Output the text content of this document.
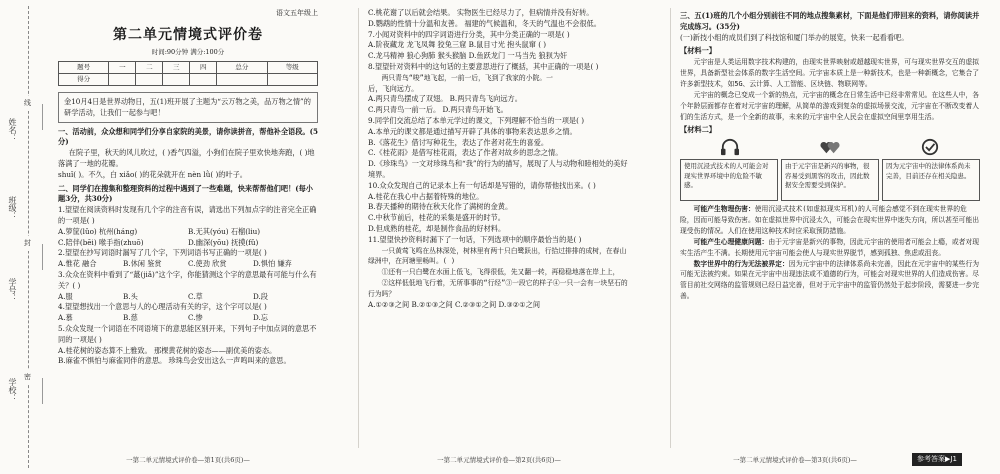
姓名：
班级：
学号：
学校：
线
封
密
语文五年级上
第二单元情境式评价卷
时间:90分钟 满分:100分
题号	一	二	三	四	总分	等级
得分						
金10月4日是世界动物日，五(1)班开展了主题为“云万物之美，品万物之情”的研学活动，让我们一起参与吧！
一、活动前，众众想和同学们分享自家院的美景，请你读拼音，帮他补全语段。(5分)

在院子里，秋天的风儿吹过，( )香气四溢，小狗们在院子里欢快地奔跑，( )地落满了一地的花瓣。

shuǐ( )。不久，白 xiǎo( )的花朵就开在 nèn lǜ( )的叶子。

二、同学们在搜集和整理资料的过程中遇到了一些难题，快来帮帮他们吧！(每小题3分，共30分)

1.望望在阅读资料时发现有几个字的注音有误，请选出下列加点字的注音完全正确的一项是( )

A.箩筐(lǔo) 杭州(háng)	B.无其(yóu) 石榴(liu)
C.陪伴(bēi) 喉手指(zhuō)	D.幽深(yōu) 抚摸(fǔ)

2.望望在抄写词语时漏写了几个字，下列词语书写正确的一项是( )

A.惟花 融合	B.休闲 鉴赏	C.使劲 欣赏	D.惧怕 嫌弃

3.众众在资料中看到了“蕞(jiǎ)”这个字，你能猜测这个字的意思最有可能与什么有关？( )

A.服	B.头	C.草	D.段

4.望望想找出一个意思与人的心理活动有关的字，这个字可以是( )

A.慕	B.慈	C.惨	D.忘

5.众众发现一个词语在不同语境下的意思能区别开来，下列句子中加点词的意思不同的一项是( )

A.桂花树的姿态算不上雅致。 那棵黄花树的姿态——副优美的姿态。

B.麻雀不惧怕与麻雀同伴的意思。 珍珠鸟会安出这么一声鸣叫来的意思。

一第二单元情境式评价卷—第1页(共6页)—

C.桃花谢了以后就会结果。 实物医生已经尽力了，但病情并没有好转。

D.鹦鹉的性情十分温和友善。 福建的气候温和，冬天的气温也不会很低。

7.小闻对资料中的四字词语进行分类，其中分类正确的一项是( )

A.阶夜藏龙 龙飞凤舞 狡兔三窟 B.鼠目寸光 抱头鼠窜 ( )

C.龙马精神 狼心狗肺 猴头猴脑 D.鱼跃龙门 一马当先 狼狈为奸

8.望望针对资料中的这句话的主要意思进行了概括，其中正确的一项是( )

两只青鸟“唆”地飞起，一前一后，飞到了我家的小院。一

后，飞向远方。

A.两只青鸟摆成了双翅。 B.两只青鸟飞向远方。

C.两只青鸟一前一后。 D.两只青鸟开始飞。

9.同学们交流总结了本单元学过的课文，下列理解不恰当的一项是( )

A.本单元的课文都是通过描写开辟了具体的事物来表达思乡之情。

B.《落花生》借讨写种花生，表达了作者对花生的喜爱。

C.《桂花雨》是借写桂花雨，表达了作者对故乡的思念之情。

D.《珍珠鸟》一文对珍珠鸟和“我”的行为的描写，展现了人与动物和睦相处的美好境界。

10.众众发现自己的记录本上有一句话却是写错的，请你帮他找出来。( )

A.桂花在我心中占据着特殊的地位。

B.春天播种的期待在秋天化作了满树的金黄。

C.中秋节前后，桂花的采集是盛开的时节。

D.但成熟的桂花，却是制作食品的好材料。

11.望望快抄资料时漏下了一句话，下列选项中的顺序最恰当的是( )

一只黄莺飞鸣在丛林深处，树林里有两十只白鹭跃出，行拾过排排的成树，在春山绿洲中，在河塘里畅叫。( )

①还有一只白鹭在水面上低飞，飞得很低，先又翻一转，再稳稳地落在岸上上，

②这样低低地飞行着，无所事事的“行经”③一段它的样子④一只一会有一块坚石的行为吗？

A.①②③之间 B.②①③之间 C.②③①之间 D.③②①之间

一第二单元情境式评价卷—第2页(共6页)—
三、五(1)班的几个小组分别前往不同的地点搜集素材，下面是他们带回来的资料，请你阅读并完成练习。(35分)

(一)新技小组的成员们到了科技馆和厦门举办的展览，快来一起看看吧。

【材料一】

元宇宙是人类运用数字技术构建的，由现实世界映射或超越现实世界，可与现实世界交互的虚拟世界，具备新型社会体系的数字生活空间。元宇宙本质上是一种新技术，也是一种新概念，它集合了许多新型技术，如5G、云计算、人工智能、区块链、物联网等。

元宇宙的概念已变成一个新的热点，元宇宙的概念在日常生活中已经非常常见。在这些人中，各个年龄层面都存在着对元宇宙的理解，从简单的游戏到复杂的虚拟场景交流，元宇宙在不断改变着人们的生活方式，是一个全新的故事，未来的元宇宙中全人民会在虚拟空间里享用生活。

【材料二】
使用沉浸式技术的人可能会对现实世界环境中的危险不敏感。
由于元宇宙是新兴的事物，很容易受到黑客的攻击，因此数据安全需要受到保护。
因为元宇宙中的法律体系尚未完善，目前还存在相关隐患。

可能产生物理伤害：使用沉浸式技术(如虚拟现实耳机)的人可能会感觉不到在现实世界的危险，因而可能导致伤害。如在虚拟世界中沉浸太久，可能会在现实世界中迷失方向，所以甚至可能出现受伤的情况。人们在使用这种技术时应采取预防措施。

可能产生心理健康问题：由于元宇宙是新兴的事物，因此元宇宙的使用者可能会上瘾，或者对现实生活产生不满。长期使用元宇宙可能会使人与现实世界脱节，感到孤独、焦虑或沮丧。

数字世界中的行为无法被界定：因为元宇宙中的法律体系尚未完善，因此在元宇宙中的某些行为可能无法被约束。如果在元宇宙中出现违法或不道德的行为，可能会对现实世界的人们造成伤害。尽管目前社交网络的监管规则已经日益完善，但对于元宇宙中的监管仍然处于起步阶段，需要进一步完善。

一第二单元情境式评价卷—第3页(共6页)—	参考答案▶J1
